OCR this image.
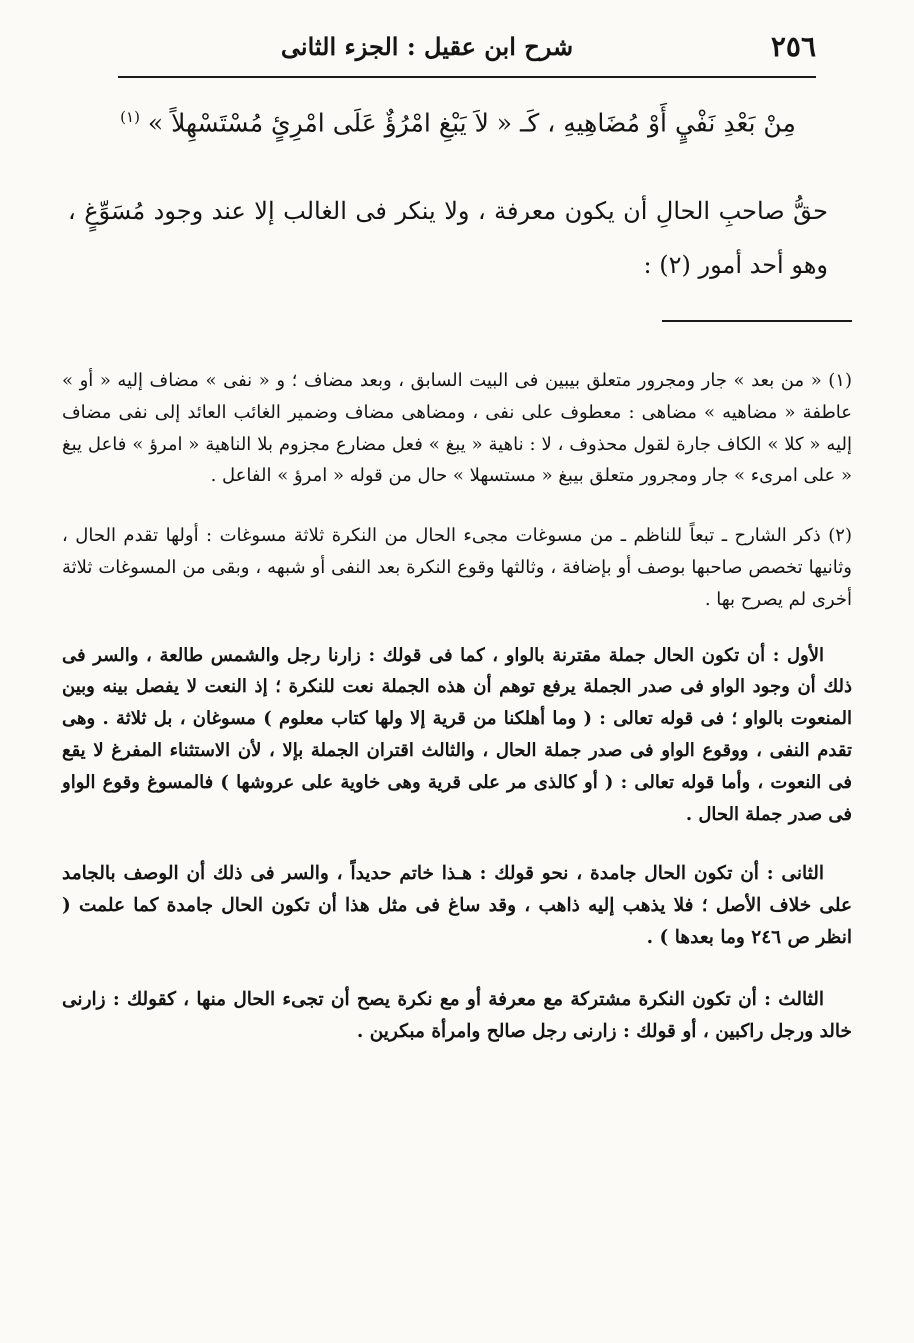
٢٥٦
شرح ابن عقيل : الجزء الثانى
مِنْ بَعْدِ نَفْيٍ أَوْ مُضَاهِيهِ ، كَـ « لاَ يَبْغِ امْرُؤٌ عَلَى امْرِئٍ مُسْتَسْهِلاً » $^{(١)}$
حقُّ صاحبِ الحالِ أن يكون معرفة ، ولا ينكر فى الغالب إلا عند وجود مُسَوِّغٍ ، وهو أحد أمور (٢) :

(١) « من بعد » جار ومجرور متعلق بيبين فى البيت السابق ، وبعد مضاف ؛ و « نفى » مضاف إليه « أو » عاطفة « مضاهيه » مضاهى : معطوف على نفى ، ومضاهى مضاف وضمير الغائب العائد إلى نفى مضاف إليه « كلا » الكاف جارة لقول محذوف ، لا : ناهية « يبغ » فعل مضارع مجزوم بلا الناهية « امرؤ » فاعل يبغ « على امرىء » جار ومجرور متعلق بيبغ « مستسهلا » حال من قوله « امرؤ » الفاعل .

(٢) ذكر الشارح ـ تبعاً للناظم ـ من مسوغات مجىء الحال من النكرة ثلاثة مسوغات : أولها تقدم الحال ، وثانيها تخصص صاحبها بوصف أو بإضافة ، وثالثها وقوع النكرة بعد النفى أو شبهه ، وبقى من المسوغات ثلاثة أخرى لم يصرح بها .

الأول : أن تكون الحال جملة مقترنة بالواو ، كما فى قولك : زارنا رجل والشمس طالعة ، والسر فى ذلك أن وجود الواو فى صدر الجملة يرفع توهم أن هذه الجملة نعت للنكرة ؛ إذ النعت لا يفصل بينه وبين المنعوت بالواو ؛ فى قوله تعالى : ( وما أهلكنا من قرية إلا ولها كتاب معلوم ) مسوغان ، بل ثلاثة . وهى تقدم النفى ، ووقوع الواو فى صدر جملة الحال ، والثالث اقتران الجملة بإلا ، لأن الاستثناء المفرغ لا يقع فى النعوت ، وأما قوله تعالى : ( أو كالذى مر على قرية وهى خاوية على عروشها ) فالمسوغ وقوع الواو فى صدر جملة الحال .

الثانى : أن تكون الحال جامدة ، نحو قولك : هـذا خاتم حديداً ، والسر فى ذلك أن الوصف بالجامد على خلاف الأصل ؛ فلا يذهب إليه ذاهب ، وقد ساغ فى مثل هذا أن تكون الحال جامدة كما علمت ( انظر ص ٢٤٦ وما بعدها ) .

الثالث : أن تكون النكرة مشتركة مع معرفة أو مع نكرة يصح أن تجىء الحال منها ، كقولك : زارنى خالد ورجل راكبين ، أو قولك : زارنى رجل صالح وامرأة مبكرين .
